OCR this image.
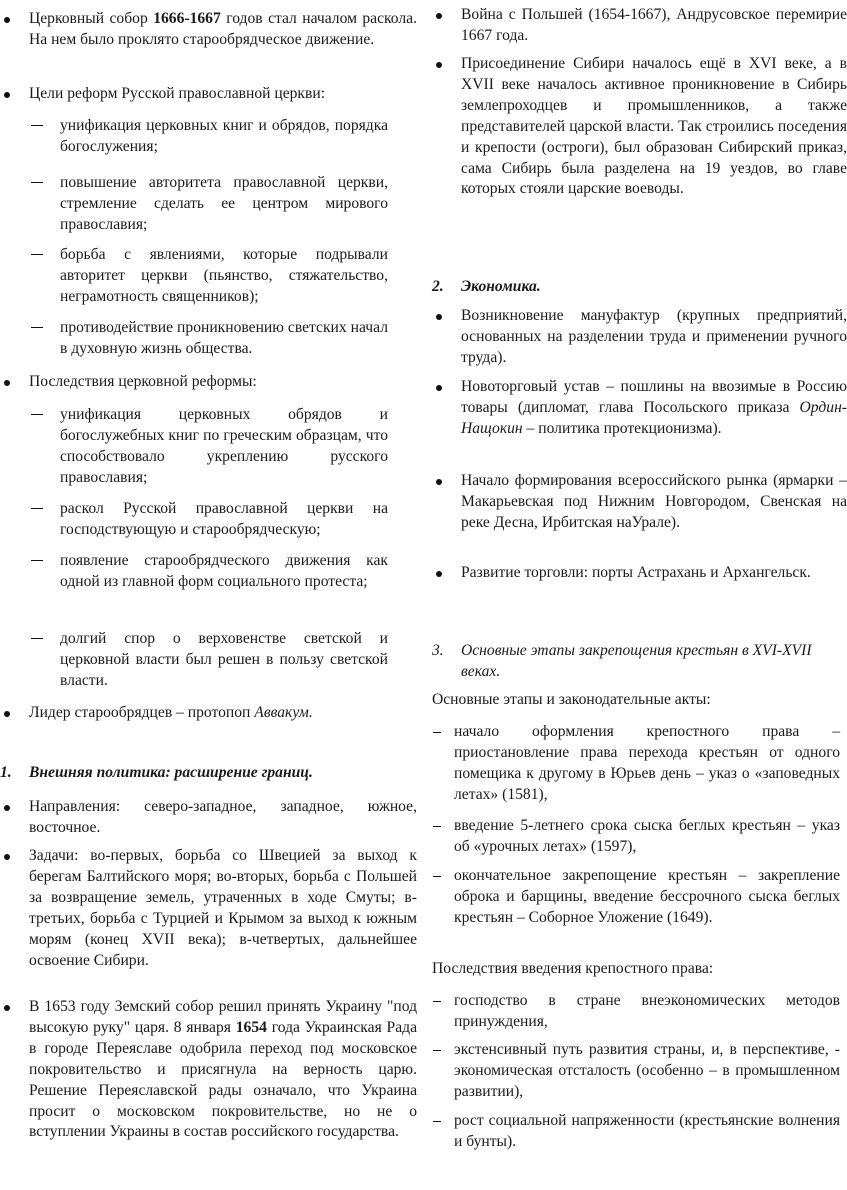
Церковный собор 1666-1667 годов стал началом раскола. На нем было проклято старообрядческое движение.
Цели реформ Русской православной церкви:
унификация церковных книг и обрядов, порядка богослужения;
повышение авторитета православной церкви, стремление сделать ее центром мирового православия;
борьба с явлениями, которые подрывали авторитет церкви (пьянство, стяжательство, неграмотность священников);
противодействие проникновению светских начал в духовную жизнь общества.
Последствия церковной реформы:
унификация церковных обрядов и богослужебных книг по греческим образцам, что способствовало укреплению русского православия;
раскол Русской православной церкви на господствующую и старообрядческую;
появление старообрядческого движения как одной из главной форм социального протеста;
долгий спор о верховенстве светской и церковной власти был решен в пользу светской власти.
Лидер старообрядцев – протопоп Аввакум.
1. Внешняя политика: расширение границ.
Направления: северо-западное, западное, южное, восточное.
Задачи: во-первых, борьба со Швецией за выход к берегам Балтийского моря; во-вторых, борьба с Польшей за возвращение земель, утраченных в ходе Смуты; в-третьих, борьба с Турцией и Крымом за выход к южным морям (конец XVII века); в-четвертых, дальнейшее освоение Сибири.
В 1653 году Земский собор решил принять Украину "под высокую руку" царя. 8 января 1654 года Украинская Рада в городе Переяславе одобрила переход под московское покровительство и присягнула на верность царю. Решение Переяславской рады означало, что Украина просит о московском покровительстве, но не о вступлении Украины в состав российского государства.
Война с Польшей (1654-1667), Андрусовское перемирие 1667 года.
Присоединение Сибири началось ещё в XVI веке, а в XVII веке началось активное проникновение в Сибирь землепроходцев и промышленников, а также представителей царской власти. Так строились поседения и крепости (остроги), был образован Сибирский приказ, сама Сибирь была разделена на 19 уездов, во главе которых стояли царские воеводы.
2. Экономика.
Возникновение мануфактур (крупных предприятий, основанных на разделении труда и применении ручного труда).
Новоторговый устав – пошлины на ввозимые в Россию товары (дипломат, глава Посольского приказа Ордин-Нащокин – политика протекционизма).
Начало формирования всероссийского рынка (ярмарки – Макарьевская под Нижним Новгородом, Свенская на реке Десна, Ирбитская наУрале).
Развитие торговли: порты Астрахань и Архангельск.
3. Основные этапы закрепощения крестьян в XVI-XVII веках.
Основные этапы и законодательные акты:
начало оформления крепостного права – приостановление права перехода крестьян от одного помещика к другому в Юрьев день – указ о «заповедных летах» (1581),
введение 5-летнего срока сыска беглых крестьян – указ об «урочных летах» (1597),
окончательное закрепощение крестьян – закрепление оброка и барщины, введение бессрочного сыска беглых крестьян – Соборное Уложение (1649).
Последствия введения крепостного права:
господство в стране внеэкономических методов принуждения,
экстенсивный путь развития страны, и, в перспективе, - экономическая отсталость (особенно – в промышленном развитии),
рост социальной напряженности (крестьянские волнения и бунты).
